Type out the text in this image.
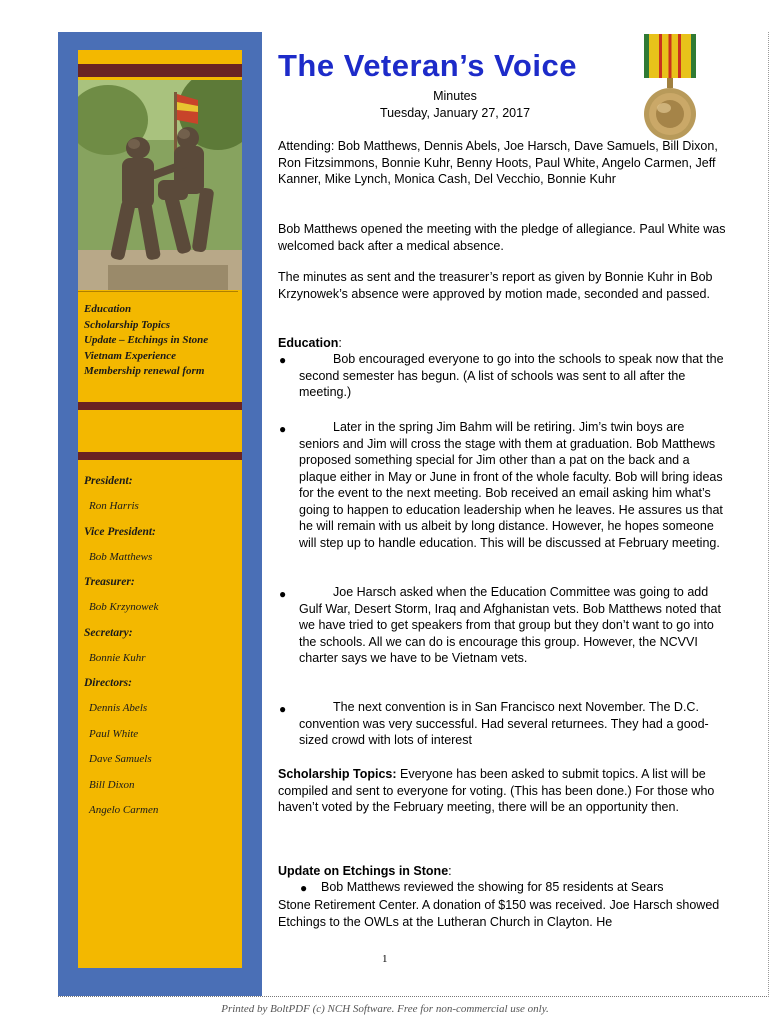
Education
Scholarship Topics
Update – Etchings in Stone
Vietnam Experience
Membership renewal form
President:
Ron Harris
Vice President:
Bob Matthews
Treasurer:
Bob Krzynowek
Secretary:
Bonnie Kuhr
Directors:
Dennis Abels
Paul White
Dave Samuels
Bill Dixon
Angelo Carmen
The Veteran’s Voice
Minutes
Tuesday, January 27, 2017

Attending: Bob Matthews, Dennis Abels, Joe Harsch, Dave Samuels, Bill Dixon, Ron Fitzsimmons, Bonnie Kuhr, Benny Hoots, Paul White, Angelo Carmen, Jeff Kanner, Mike Lynch, Monica Cash, Del Vecchio, Bonnie Kuhr

Bob Matthews opened the meeting with the pledge of allegiance. Paul White was welcomed back after a medical absence.

The minutes as sent and the treasurer’s report as given by Bonnie Kuhr in Bob Krzynowek’s absence were approved by motion made, seconded and passed.

Education:
●	Bob encouraged everyone to go into the schools to speak now that the second semester has begun. (A list of schools was sent to all after the meeting.)
●	Later in the spring Jim Bahm will be retiring. Jim’s twin boys are seniors and Jim will cross the stage with them at graduation. Bob Matthews proposed something special for Jim other than a pat on the back and a plaque either in May or June in front of the whole faculty. Bob will bring ideas for the event to the next meeting. Bob received an email asking him what’s going to happen to education leadership when he leaves. He assures us that he will remain with us albeit by long distance. However, he hopes someone will step up to handle education. This will be discussed at February meeting.
●	Joe Harsch asked when the Education Committee was going to add Gulf War, Desert Storm, Iraq and Afghanistan vets. Bob Matthews noted that we have tried to get speakers from that group but they don’t want to go into the schools. All we can do is encourage this group. However, the NCVVI charter says we have to be Vietnam vets.
●	The next convention is in San Francisco next November. The D.C. convention was very successful. Had several returnees. They had a good-sized crowd with lots of interest

Scholarship Topics: Everyone has been asked to submit topics. A list will be compiled and sent to everyone for voting. (This has been done.) For those who haven’t voted by the February meeting, there will be an opportunity then.

Update on Etchings in Stone:
● Bob Matthews reviewed the showing for 85 residents at Sears

Stone Retirement Center. A donation of $150 was received. Joe Harsch showed Etchings to the OWLs at the Lutheran Church in Clayton. He

1
Printed by BoltPDF (c) NCH Software. Free for non-commercial use only.
